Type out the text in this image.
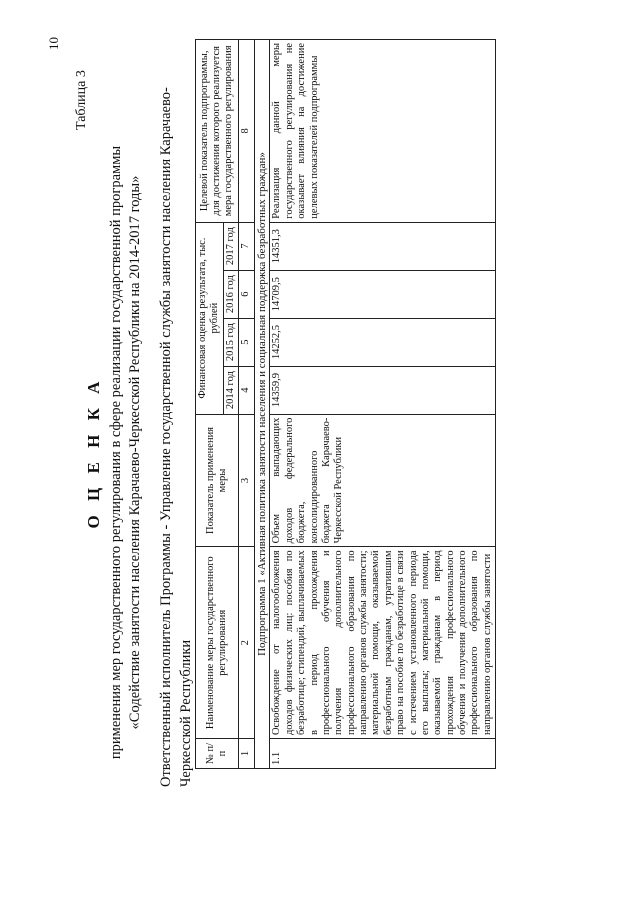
10
Таблица 3
О Ц Е Н К А применения мер государственного регулирования в сфере реализации государственной программы «Содействие занятости населения Карачаево-Черкесской Республики на 2014-2017 годы» Ответственный исполнитель Программы - Управление государственной службы занятости населения Карачаево-Черкесской Республики № п/п	Наименование меры государственного регулирования	Показатель применения меры	Финансовая оценка результата, тыс. рублей				Целевой показатель подпрограммы, для достижения которого реализуется мера государственного регулирования
			2014 год	2015 год	2016 год	2017 год	
1	2	3	4	5	6	7	8
Подпрограмма 1 «Активная политика занятости населения и социальная поддержка безработных граждан»							
1.1	Освобождение от налогообложения доходов физических лиц: пособия по безработице; стипендий, выплачиваемых в период прохождения профессионального обучения и получения дополнительного профессионального образования по направлению органов службы занятости; материальной помощи, оказываемой безработным гражданам, утратившим право на пособие по безработице в связи с истечением установленного периода его выплаты; материальной помощи, оказываемой гражданам в период прохождения профессионального обучения и получения дополнительного профессионального образования по направлению органов службы занятости	Объем выпадающих доходов федерального бюджета, консолидированного бюджета Карачаево-Черкесской Республики	14359,9	14252,5	14709,5	14351,3	Реализация данной меры государственного регулирования не оказывает влияния на достижение целевых показателей подпрограммы
